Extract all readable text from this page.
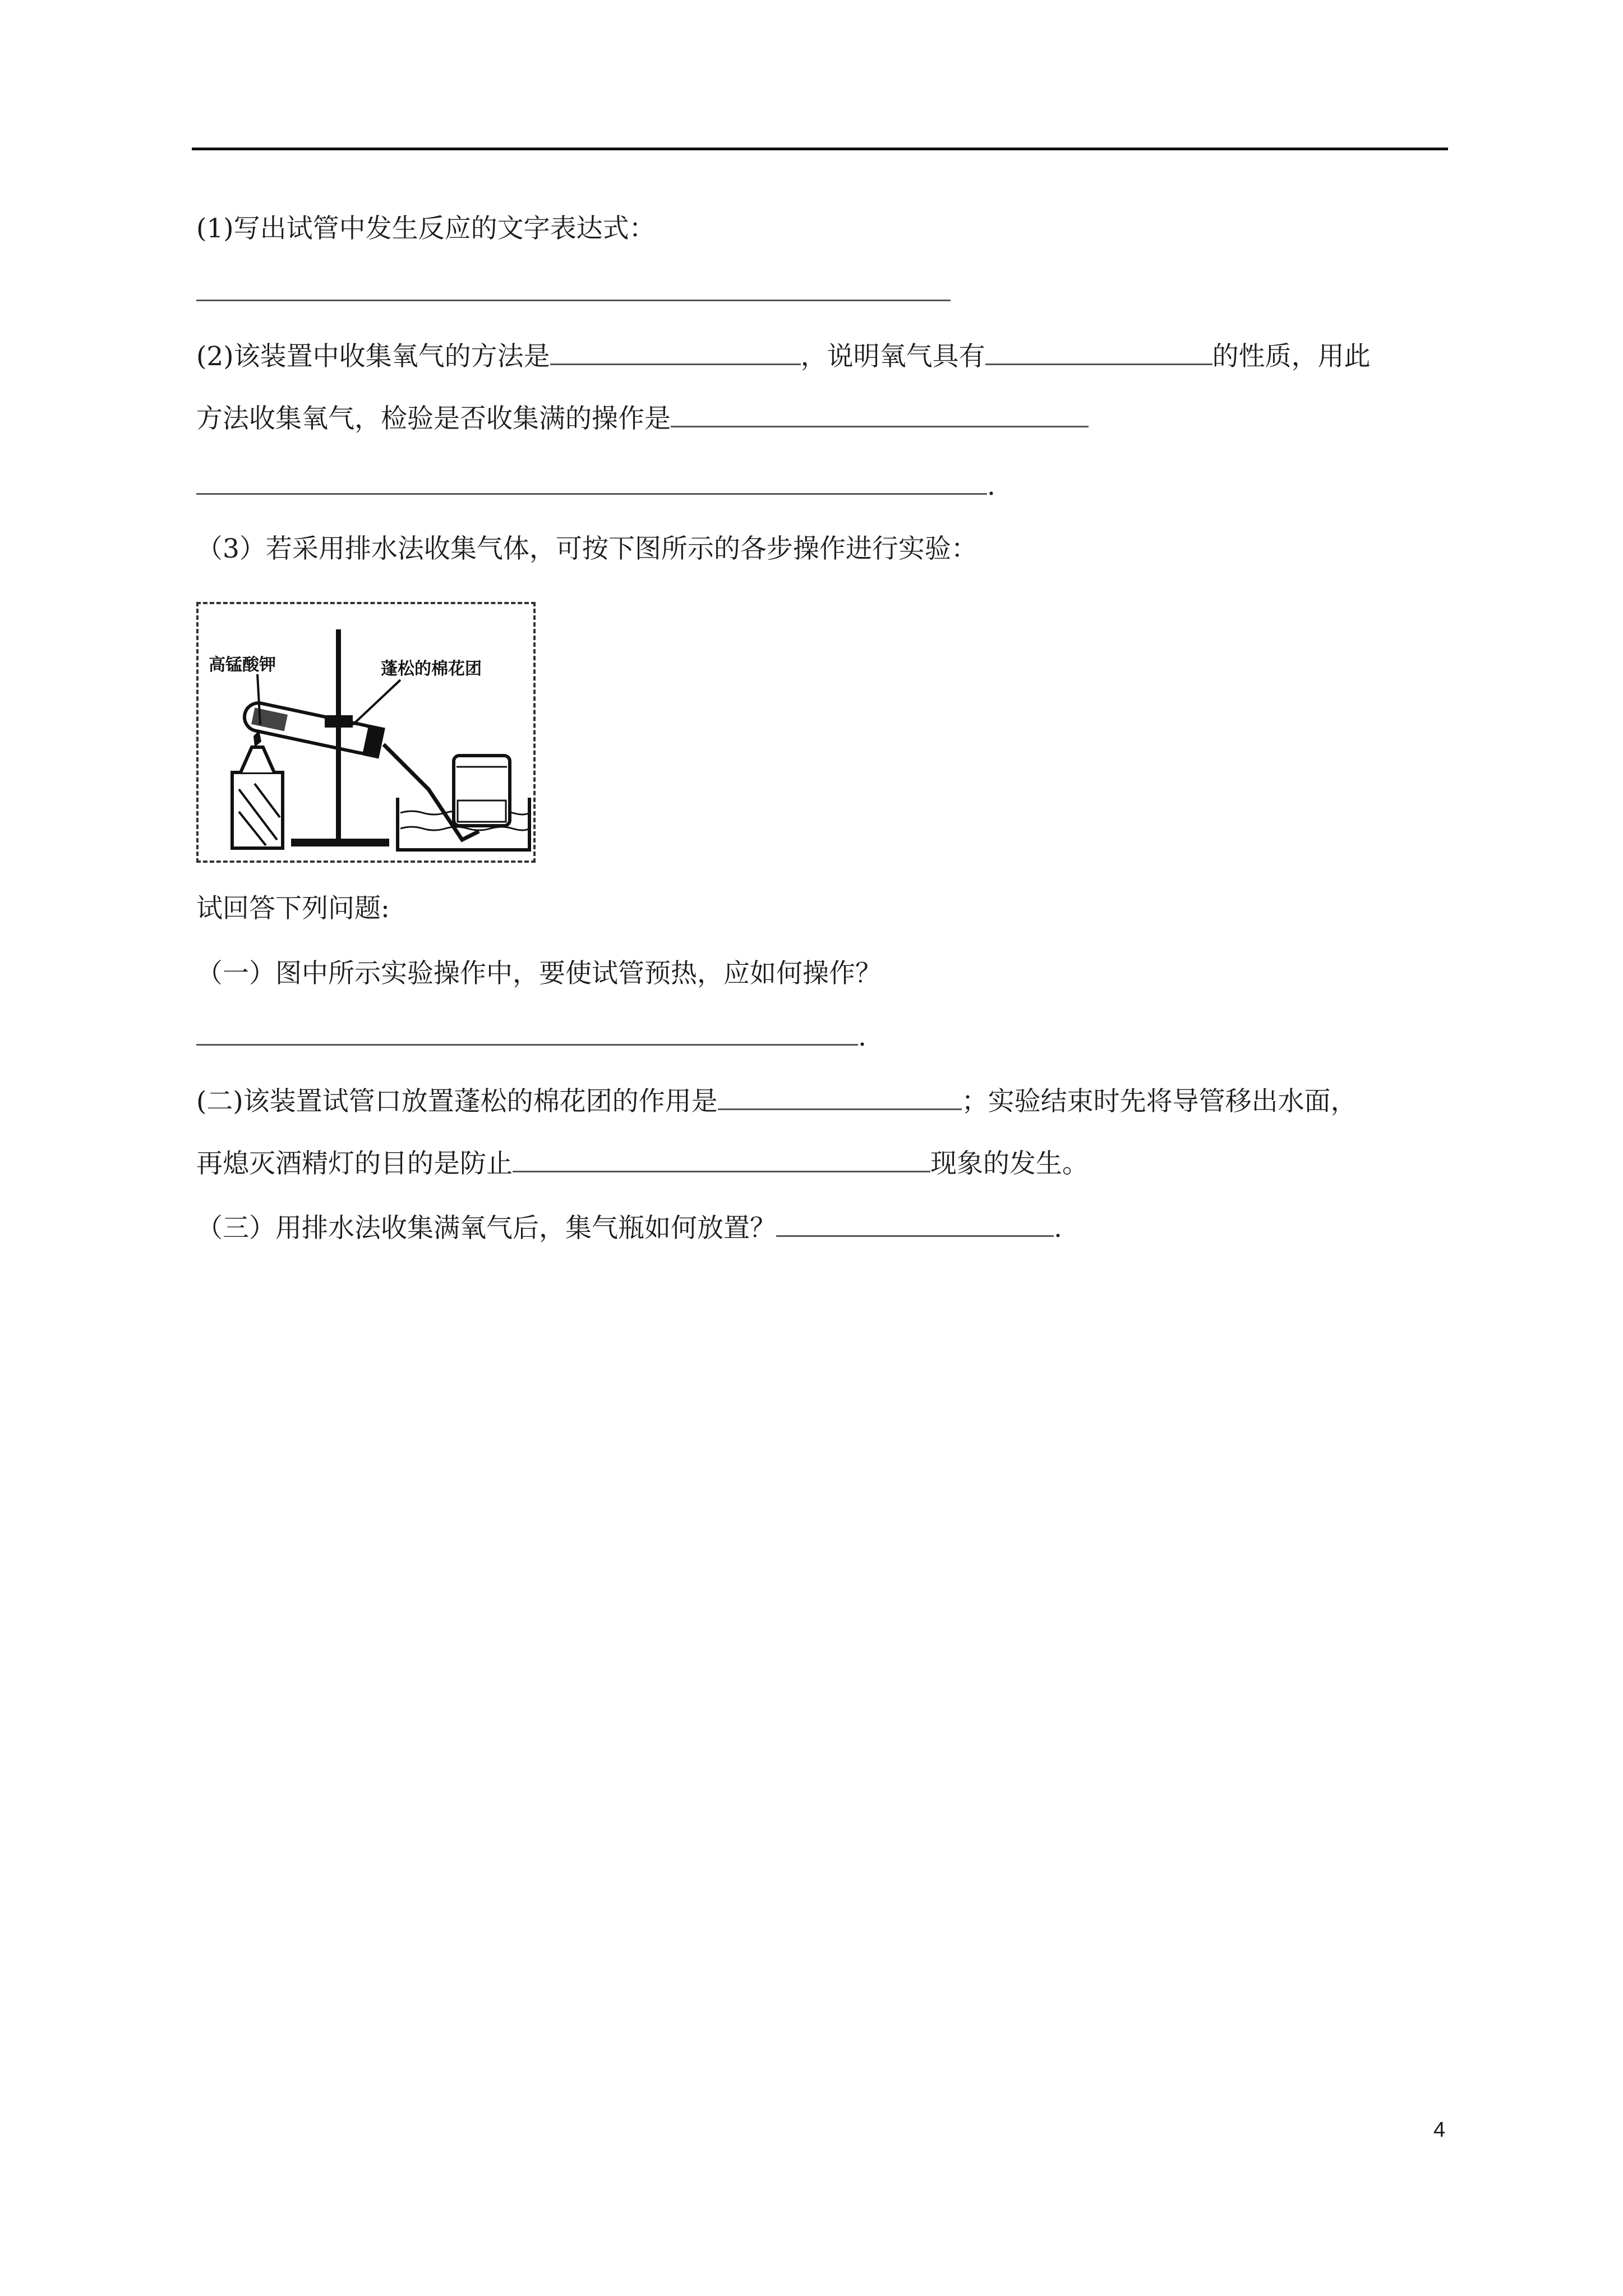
(1)写出试管中发生反应的文字表达式：
(2)该装置中收集氧气的方法是	，说明氧气具有	的性质，用此
方法收集氧气，检验是否收集满的操作是
.
（3）若采用排水法收集气体，可按下图所示的各步操作进行实验：
高锰酸钾	蓬松的棉花团
试回答下列问题:
（一）图中所示实验操作中，要使试管预热，应如何操作？
.
(二)该装置试管口放置蓬松的棉花团的作用是	；实验结束时先将导管移出水面，
再熄灭酒精灯的目的是防止	现象的发生。
（三）用排水法收集满氧气后，集气瓶如何放置？	.
4
